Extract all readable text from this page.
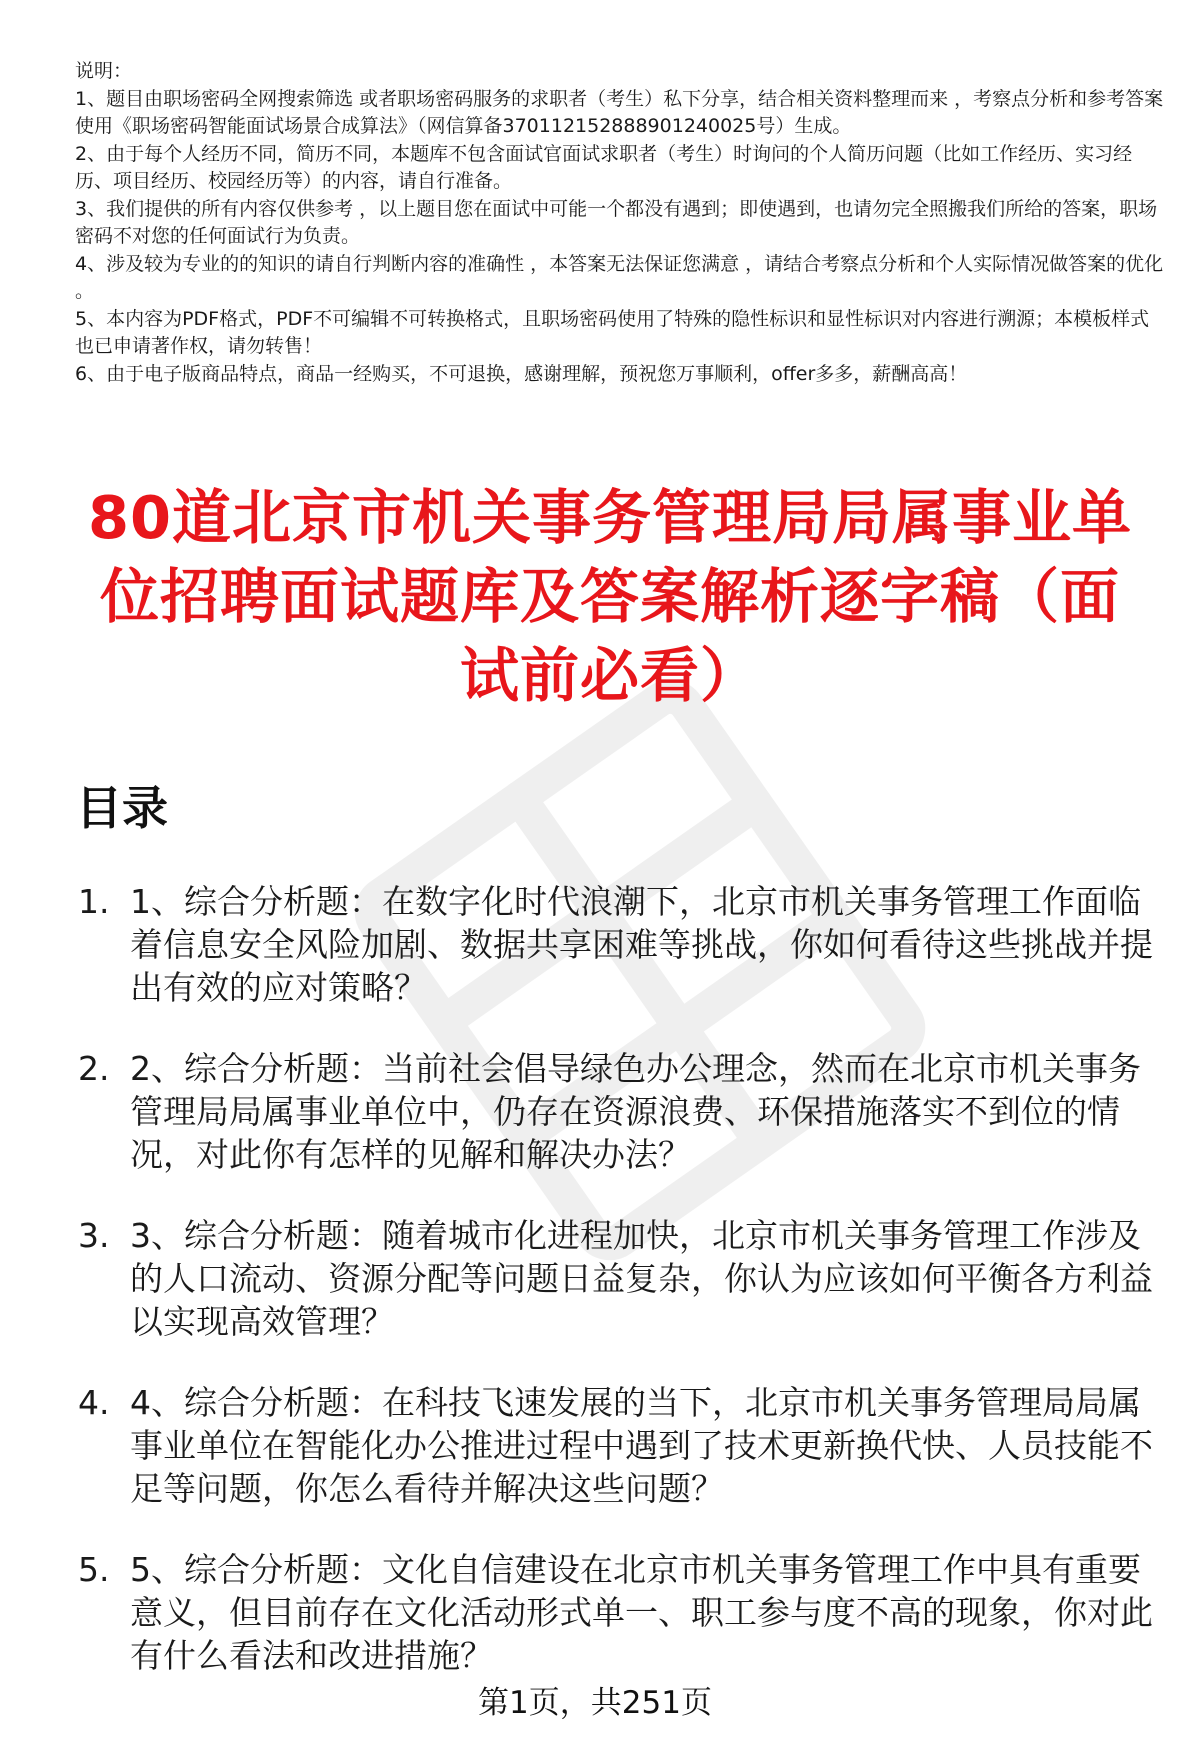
说明：

1、题目由职场密码全网搜索筛选 或者职场密码服务的求职者（考生）私下分享，结合相关资料整理而来 ，考察点分析和参考答案使用《职场密码智能面试场景合成算法》（网信算备370112152888901240025号）生成。

2、由于每个人经历不同，简历不同，本题库不包含面试官面试求职者（考生）时询问的个人简历问题（比如工作经历、实习经历、项目经历、校园经历等）的内容，请自行准备。

3、我们提供的所有内容仅供参考 ，以上题目您在面试中可能一个都没有遇到；即使遇到，也请勿完全照搬我们所给的答案，职场密码不对您的任何面试行为负责。

4、涉及较为专业的的知识的请自行判断内容的准确性 ，本答案无法保证您满意 ，请结合考察点分析和个人实际情况做答案的优化 。

5、本内容为PDF格式，PDF不可编辑不可转换格式，且职场密码使用了特殊的隐性标识和显性标识对内容进行溯源；本模板样式也已申请著作权，请勿转售！

6、由于电子版商品特点，商品一经购买，不可退换，感谢理解，预祝您万事顺利，offer多多，薪酬高高！

80道北京市机关事务管理局局属事业单位招聘面试题库及答案解析逐字稿（面试前必看）
目录
1. 1、综合分析题：在数字化时代浪潮下，北京市机关事务管理工作面临着信息安全风险加剧、数据共享困难等挑战，你如何看待这些挑战并提出有效的应对策略？
2. 2、综合分析题：当前社会倡导绿色办公理念，然而在北京市机关事务管理局局属事业单位中，仍存在资源浪费、环保措施落实不到位的情况，对此你有怎样的见解和解决办法？
3. 3、综合分析题：随着城市化进程加快，北京市机关事务管理工作涉及的人口流动、资源分配等问题日益复杂，你认为应该如何平衡各方利益以实现高效管理？
4. 4、综合分析题：在科技飞速发展的当下，北京市机关事务管理局局属事业单位在智能化办公推进过程中遇到了技术更新换代快、人员技能不足等问题，你怎么看待并解决这些问题？
5. 5、综合分析题：文化自信建设在北京市机关事务管理工作中具有重要意义，但目前存在文化活动形式单一、职工参与度不高的现象，你对此有什么看法和改进措施？
第1页，共251页
